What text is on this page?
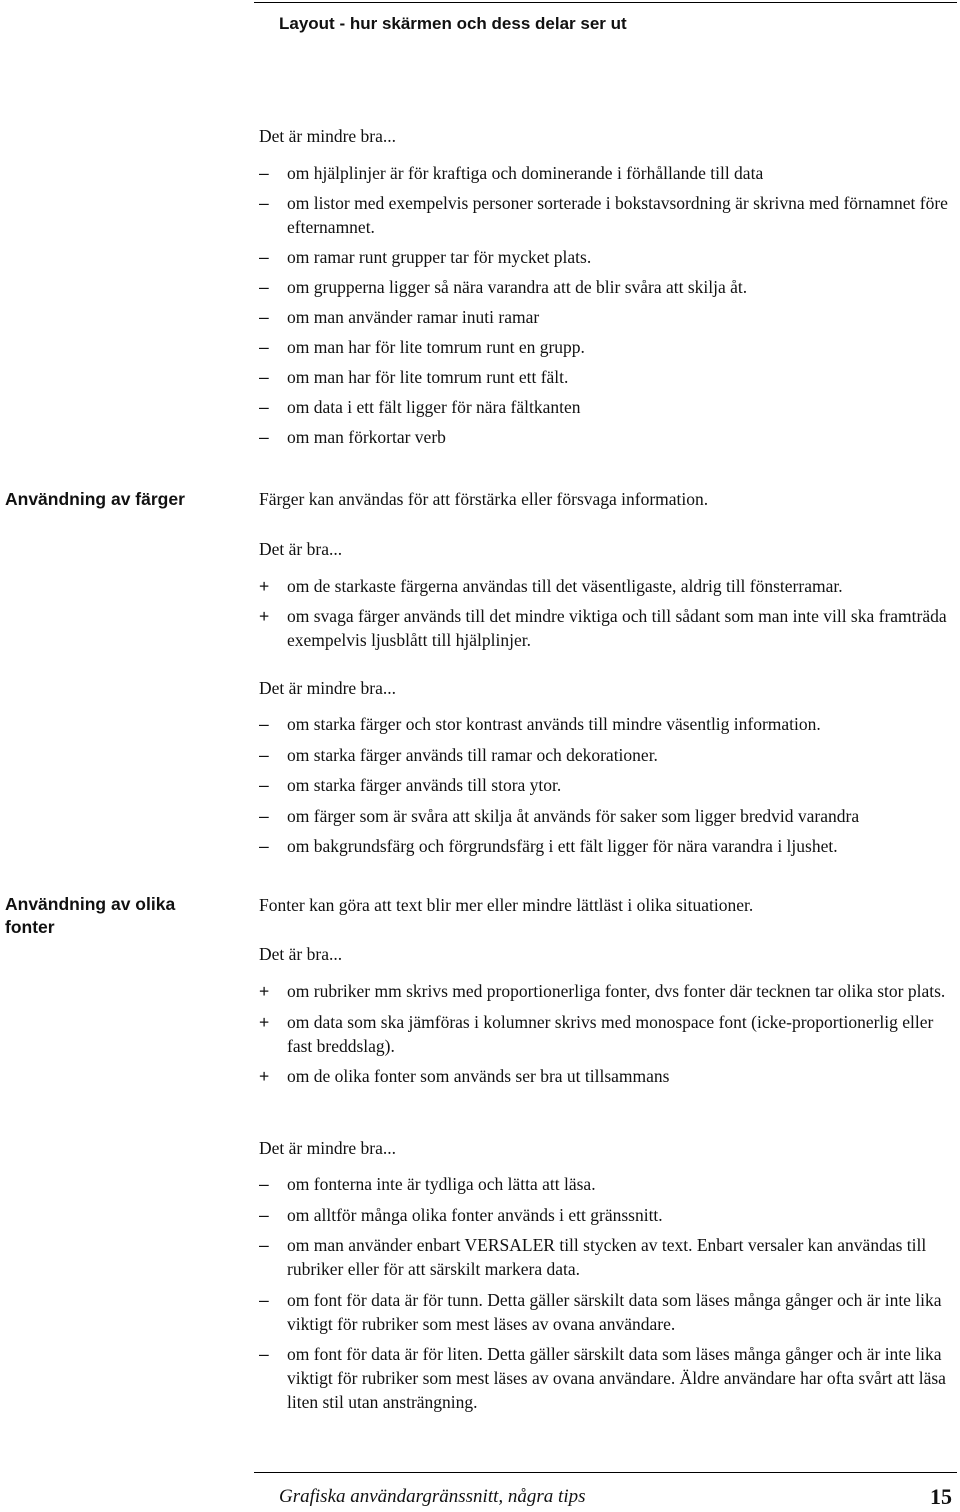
Layout - hur skärmen och dess delar ser ut

Det är mindre bra...

– om hjälplinjer är för kraftiga och dominerande i förhållande till data
– om listor med exempelvis personer sorterade i bokstavsordning är skrivna med förnamnet före efternamnet.
– om ramar runt grupper tar för mycket plats.
– om grupperna ligger så nära varandra att de blir svåra att skilja åt.
– om man använder ramar inuti ramar
– om man har för lite tomrum runt en grupp.
– om man har för lite tomrum runt ett fält.
– om data i ett fält ligger för nära fältkanten
– om man förkortar verb
Användning av färger	Färger kan användas för att förstärka eller försvaga information.

Det är bra...

+ om de starkaste färgerna användas till det väsentligaste, aldrig till fönsterramar.
+ om svaga färger används till det mindre viktiga och till sådant som man inte vill ska framträda exempelvis ljusblått till hjälplinjer.

Det är mindre bra...

– om starka färger och stor kontrast används till mindre väsentlig information.
– om starka färger används till ramar och dekorationer.
– om starka färger används till stora ytor.
– om färger som är svåra att skilja åt används för saker som ligger bredvid varandra
– om bakgrundsfärg och förgrundsfärg i ett fält ligger för nära varandra i ljushet.
Användning av olika fonter

Fonter kan göra att text blir mer eller mindre lättläst i olika situationer.

Det är bra...

+ om rubriker mm skrivs med proportionerliga fonter, dvs fonter där tecknen tar olika stor plats.
+ om data som ska jämföras i kolumner skrivs med monospace font (icke-proportionerlig eller fast breddslag).
+ om de olika fonter som används ser bra ut tillsammans

Det är mindre bra...

– om fonterna inte är tydliga och lätta att läsa.
– om alltför många olika fonter används i ett gränssnitt.
– om man använder enbart VERSALER till stycken av text. Enbart versaler kan användas till rubriker eller för att särskilt markera data.
– om font för data är för tunn. Detta gäller särskilt data som läses många gånger och är inte lika viktigt för rubriker som mest läses av ovana användare.
– om font för data är för liten. Detta gäller särskilt data som läses många gånger och är inte lika viktigt för rubriker som mest läses av ovana användare. Äldre användare har ofta svårt att läsa liten stil utan ansträngning.
Grafiska användargränssnitt, några tips	15
